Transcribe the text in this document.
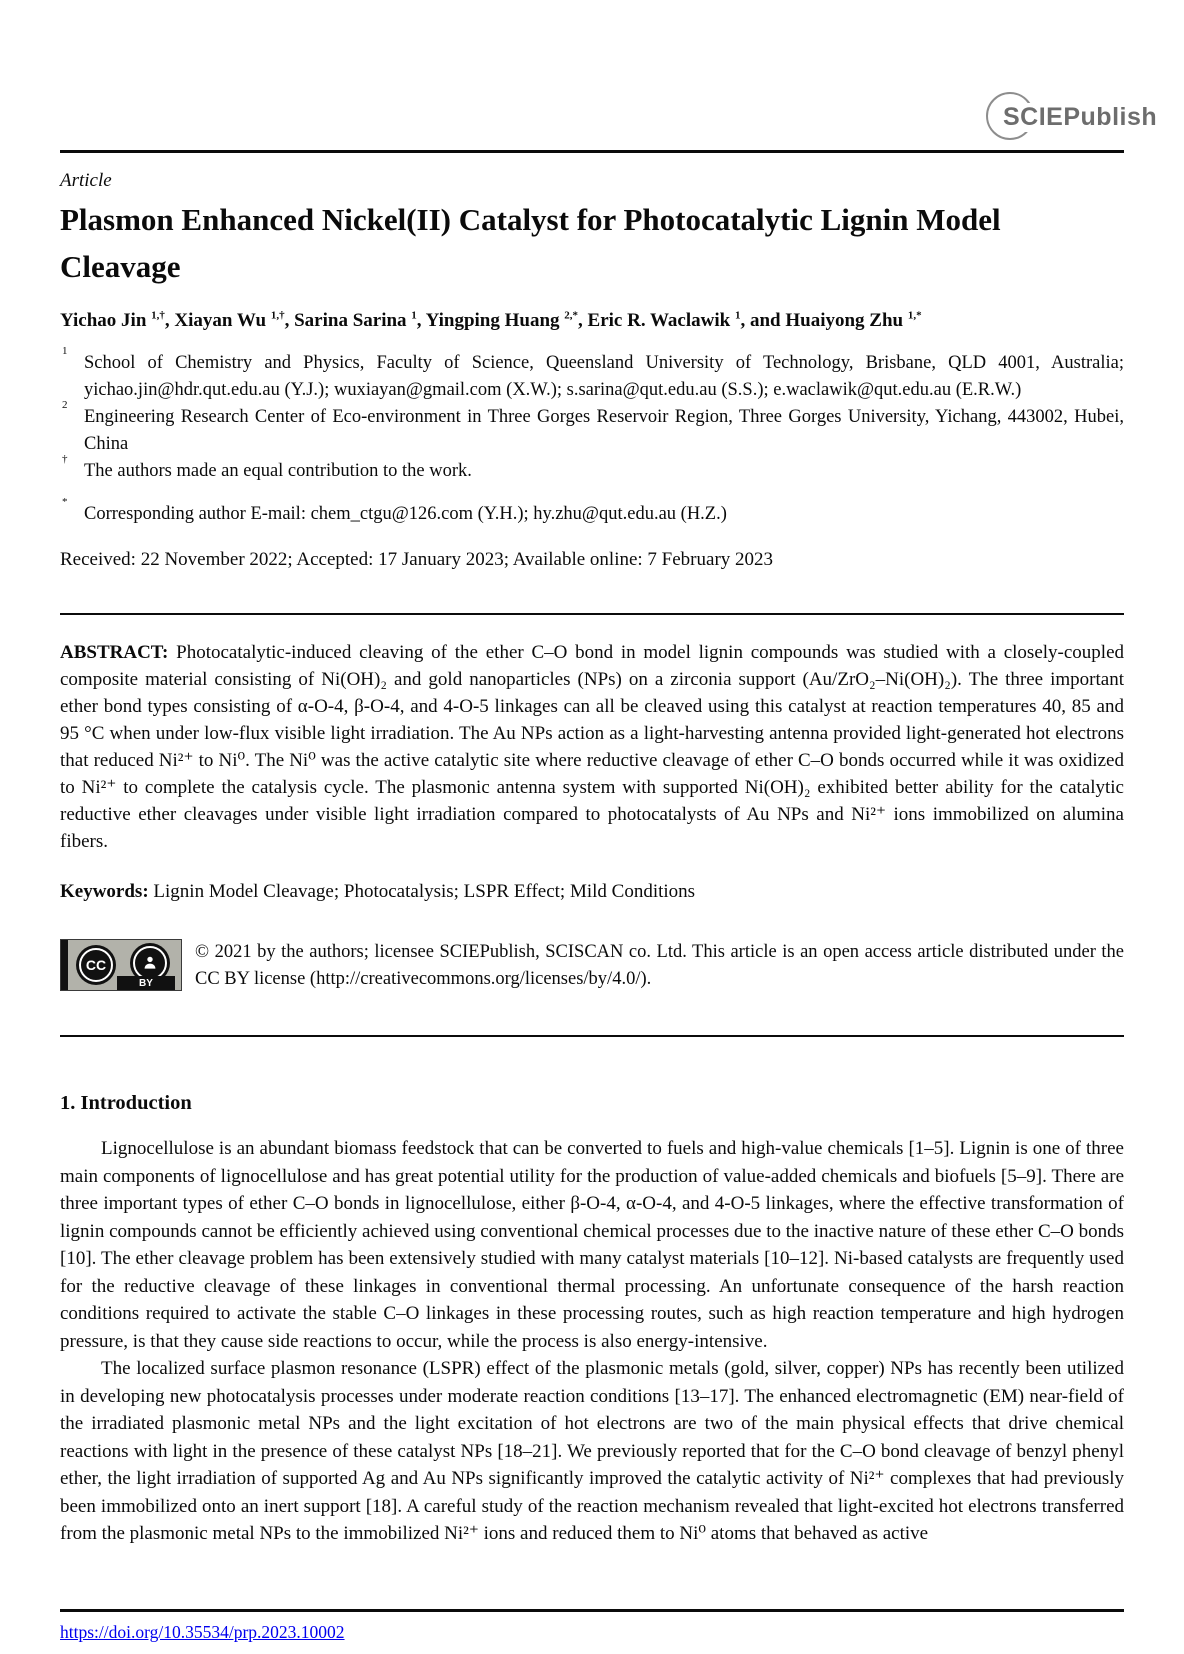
SCIEPublish
Article
Plasmon Enhanced Nickel(II) Catalyst for Photocatalytic Lignin Model Cleavage
Yichao Jin $^{1,\dagger}$, Xiayan Wu $^{1,\dagger}$, Sarina Sarina $^1$, Yingping Huang $^{2,*}$, Eric R. Waclawik $^1$, and Huaiyong Zhu $^{1,*}$
1
School of Chemistry and Physics, Faculty of Science, Queensland University of Technology, Brisbane, QLD 4001, Australia; yichao.jin@hdr.qut.edu.au (Y.J.); wuxiayan@gmail.com (X.W.); s.sarina@qut.edu.au (S.S.); e.waclawik@qut.edu.au (E.R.W.)
2
Engineering Research Center of Eco-environment in Three Gorges Reservoir Region, Three Gorges University, Yichang, 443002, Hubei, China
†
The authors made an equal contribution to the work.
*
Corresponding author E-mail: chem_ctgu@126.com (Y.H.); hy.zhu@qut.edu.au (H.Z.)
Received: 22 November 2022; Accepted: 17 January 2023; Available online: 7 February 2023

ABSTRACT: Photocatalytic-induced cleaving of the ether C–O bond in model lignin compounds was studied with a closely-coupled composite material consisting of Ni(OH)₂ and gold nanoparticles (NPs) on a zirconia support (Au/ZrO₂–Ni(OH)₂). The three important ether bond types consisting of α-O-4, β-O-4, and 4-O-5 linkages can all be cleaved using this catalyst at reaction temperatures 40, 85 and 95 °C when under low-flux visible light irradiation. The Au NPs action as a light-harvesting antenna provided light-generated hot electrons that reduced Ni²⁺ to Ni⁰. The Ni⁰ was the active catalytic site where reductive cleavage of ether C–O bonds occurred while it was oxidized to Ni²⁺ to complete the catalysis cycle. The plasmonic antenna system with supported Ni(OH)₂ exhibited better ability for the catalytic reductive ether cleavages under visible light irradiation compared to photocatalysts of Au NPs and Ni²⁺ ions immobilized on alumina fibers.

Keywords: Lignin Model Cleavage; Photocatalysis; LSPR Effect; Mild Conditions

CC
BY
© 2021 by the authors; licensee SCIEPublish, SCISCAN co. Ltd. This article is an open access article distributed under the CC BY license (http://creativecommons.org/licenses/by/4.0/).
1. Introduction

Lignocellulose is an abundant biomass feedstock that can be converted to fuels and high-value chemicals [1–5]. Lignin is one of three main components of lignocellulose and has great potential utility for the production of value-added chemicals and biofuels [5–9]. There are three important types of ether C–O bonds in lignocellulose, either β-O-4, α-O-4, and 4-O-5 linkages, where the effective transformation of lignin compounds cannot be efficiently achieved using conventional chemical processes due to the inactive nature of these ether C–O bonds [10]. The ether cleavage problem has been extensively studied with many catalyst materials [10–12]. Ni-based catalysts are frequently used for the reductive cleavage of these linkages in conventional thermal processing. An unfortunate consequence of the harsh reaction conditions required to activate the stable C–O linkages in these processing routes, such as high reaction temperature and high hydrogen pressure, is that they cause side reactions to occur, while the process is also energy-intensive.

The localized surface plasmon resonance (LSPR) effect of the plasmonic metals (gold, silver, copper) NPs has recently been utilized in developing new photocatalysis processes under moderate reaction conditions [13–17]. The enhanced electromagnetic (EM) near-field of the irradiated plasmonic metal NPs and the light excitation of hot electrons are two of the main physical effects that drive chemical reactions with light in the presence of these catalyst NPs [18–21]. We previously reported that for the C–O bond cleavage of benzyl phenyl ether, the light irradiation of supported Ag and Au NPs significantly improved the catalytic activity of Ni²⁺ complexes that had previously been immobilized onto an inert support [18]. A careful study of the reaction mechanism revealed that light-excited hot electrons transferred from the plasmonic metal NPs to the immobilized Ni²⁺ ions and reduced them to Ni⁰ atoms that behaved as active

https://doi.org/10.35534/prp.2023.10002
